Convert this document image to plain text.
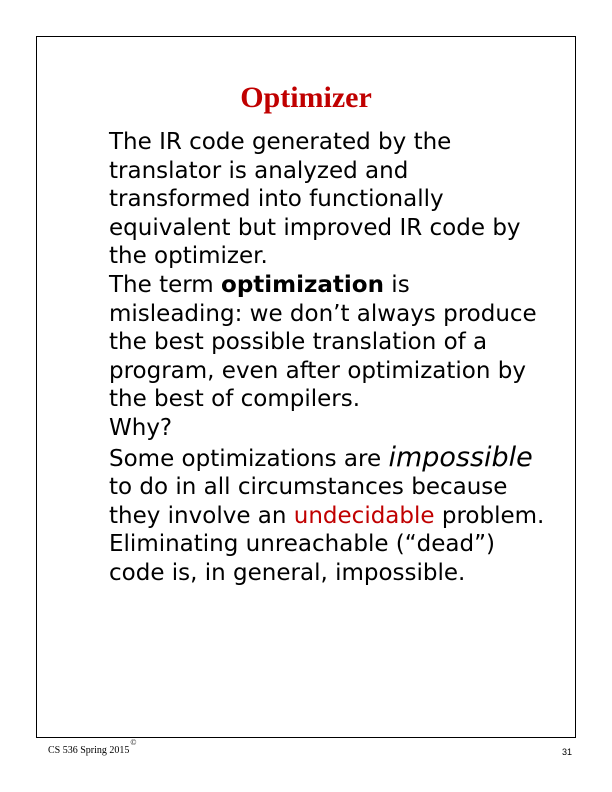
Optimizer

The IR code generated by the translator is analyzed and transformed into functionally equivalent but improved IR code by the optimizer.

The term optimization is misleading: we don’t always produce the best possible translation of a program, even after optimization by the best of compilers.

Why?

Some optimizations are impossible to do in all circumstances because they involve an undecidable problem. Eliminating unreachable (“dead”) code is, in general, impossible.

CS 536 Spring 2015©
31
